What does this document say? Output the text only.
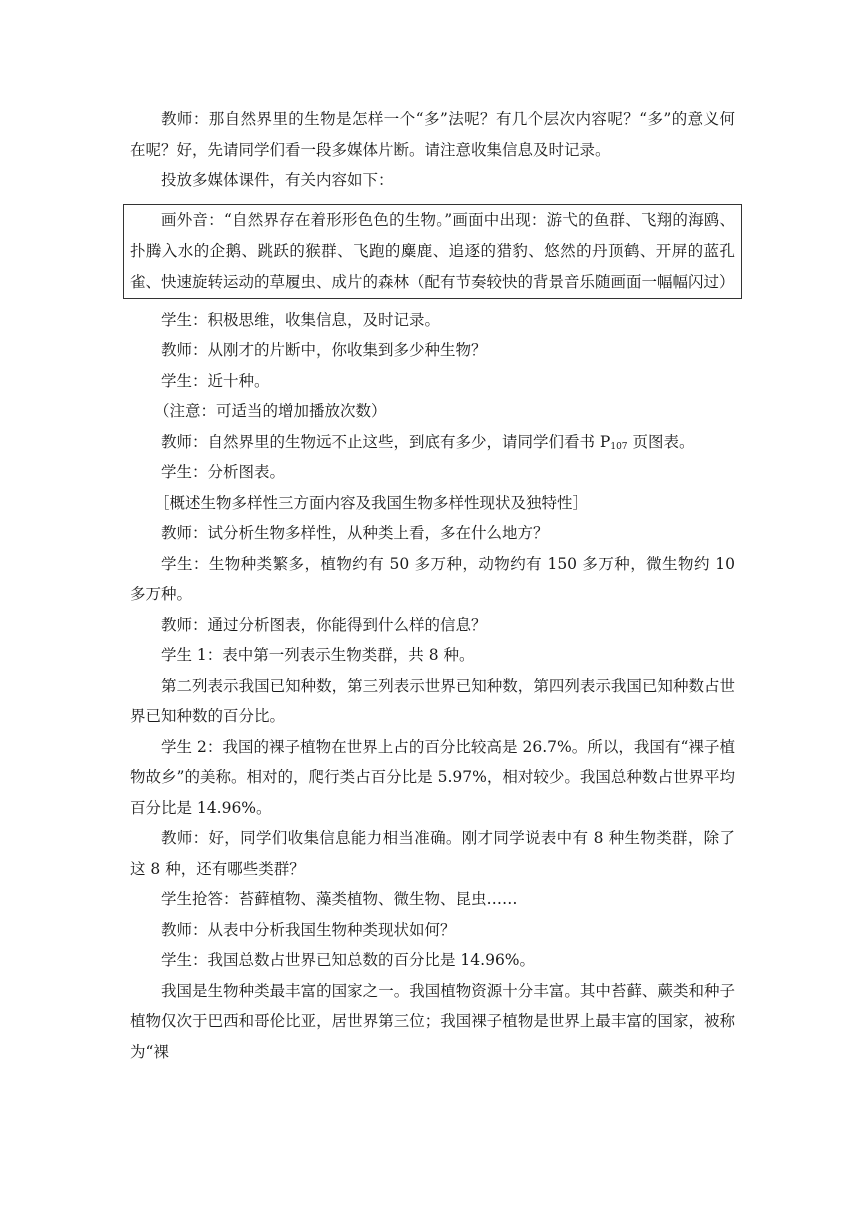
教师：那自然界里的生物是怎样一个“多”法呢？有几个层次内容呢？“多”的意义何在呢？好，先请同学们看一段多媒体片断。请注意收集信息及时记录。

投放多媒体课件，有关内容如下：

画外音：“自然界存在着形形色色的生物。”画面中出现：游弋的鱼群、飞翔的海鸥、扑腾入水的企鹅、跳跃的猴群、飞跑的麋鹿、追逐的猎豹、悠然的丹顶鹤、开屏的蓝孔雀、快速旋转运动的草履虫、成片的森林（配有节奏较快的背景音乐随画面一幅幅闪过）

学生：积极思维，收集信息，及时记录。

教师：从刚才的片断中，你收集到多少种生物？

学生：近十种。

（注意：可适当的增加播放次数）

教师：自然界里的生物远不止这些，到底有多少，请同学们看书 $P_{107}$ 页图表。

学生：分析图表。

［概述生物多样性三方面内容及我国生物多样性现状及独特性］

教师：试分析生物多样性，从种类上看，多在什么地方？

学生：生物种类繁多，植物约有 50 多万种，动物约有 150 多万种，微生物约 10 多万种。

教师：通过分析图表，你能得到什么样的信息？

学生 1：表中第一列表示生物类群，共 8 种。

第二列表示我国已知种数，第三列表示世界已知种数，第四列表示我国已知种数占世界已知种数的百分比。

学生 2：我国的裸子植物在世界上占的百分比较高是 26.7%。所以，我国有“裸子植物故乡”的美称。相对的，爬行类占百分比是 5.97%，相对较少。我国总种数占世界平均百分比是 14.96%。

教师：好，同学们收集信息能力相当准确。刚才同学说表中有 8 种生物类群，除了这 8 种，还有哪些类群？

学生抢答：苔藓植物、藻类植物、微生物、昆虫……

教师：从表中分析我国生物种类现状如何？

学生：我国总数占世界已知总数的百分比是 14.96%。

我国是生物种类最丰富的国家之一。我国植物资源十分丰富。其中苔藓、蕨类和种子植物仅次于巴西和哥伦比亚，居世界第三位；我国裸子植物是世界上最丰富的国家，被称为“裸
